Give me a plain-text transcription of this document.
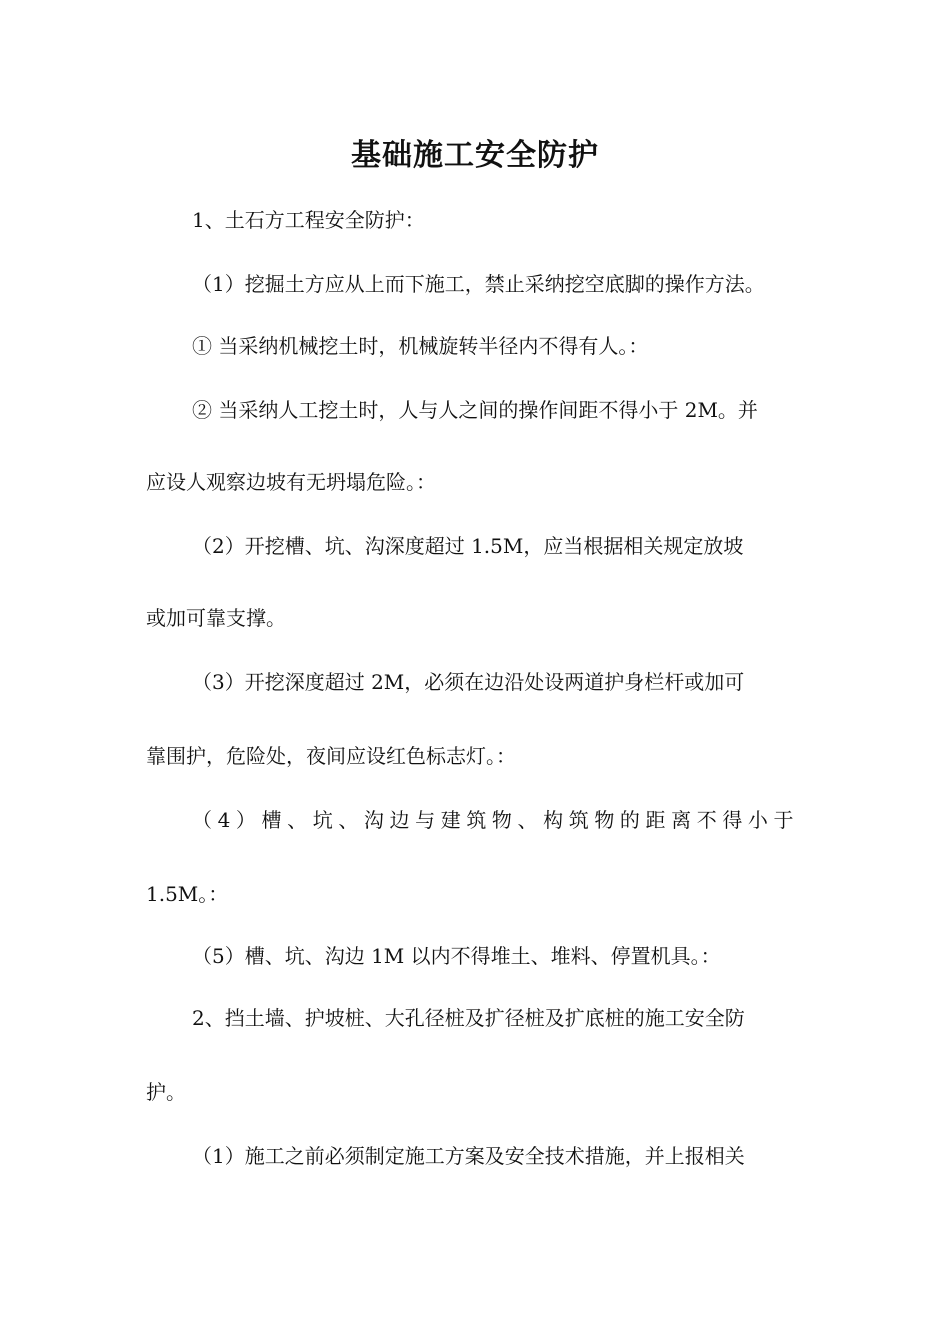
基础施工安全防护

1、土石方工程安全防护：

（1）挖掘土方应从上而下施工，禁止采纳挖空底脚的操作方法。

① 当采纳机械挖土时，机械旋转半径内不得有人。：

② 当采纳人工挖土时，人与人之间的操作间距不得小于 2M。并

应设人观察边坡有无坍塌危险。：

（2）开挖槽、坑、沟深度超过 1.5M，应当根据相关规定放坡

或加可靠支撑。

（3）开挖深度超过 2M，必须在边沿处设两道护身栏杆或加可

靠围护，危险处，夜间应设红色标志灯。：

（4）槽、坑、沟边与建筑物、构筑物的距离不得小于

1.5M。：

（5）槽、坑、沟边 1M 以内不得堆土、堆料、停置机具。：

2、挡土墙、护坡桩、大孔径桩及扩径桩及扩底桩的施工安全防

护。

（1）施工之前必须制定施工方案及安全技术措施，并上报相关
